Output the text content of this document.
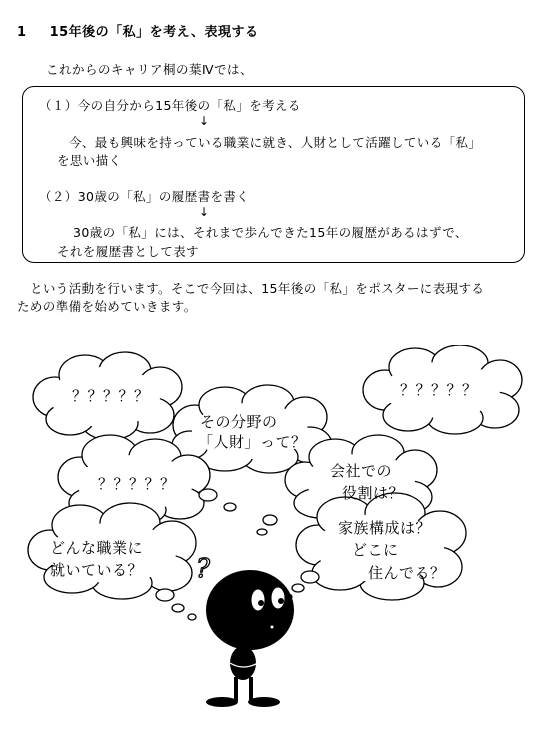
1 15年後の「私」を考え、表現する
これからのキャリア桐の葉Ⅳでは、
（１）今の自分から15年後の「私」を考える
↓
今、最も興味を持っている職業に就き、人財として活躍している「私」
を思い描く
（２）30歳の「私」の履歴書を書く
↓
30歳の「私」には、それまで歩んできた15年の履歴があるはずで、
それを履歴書として表す
という活動を行います。そこで今回は、15年後の「私」をポスターに表現する
ための準備を始めていきます。
？？？？？	？？？？？
その分野の
「人財」って？
？？？？？
会社での
役割は？
どんな職業に
就いている？
家族構成は？
どこに
住んでる？
?
